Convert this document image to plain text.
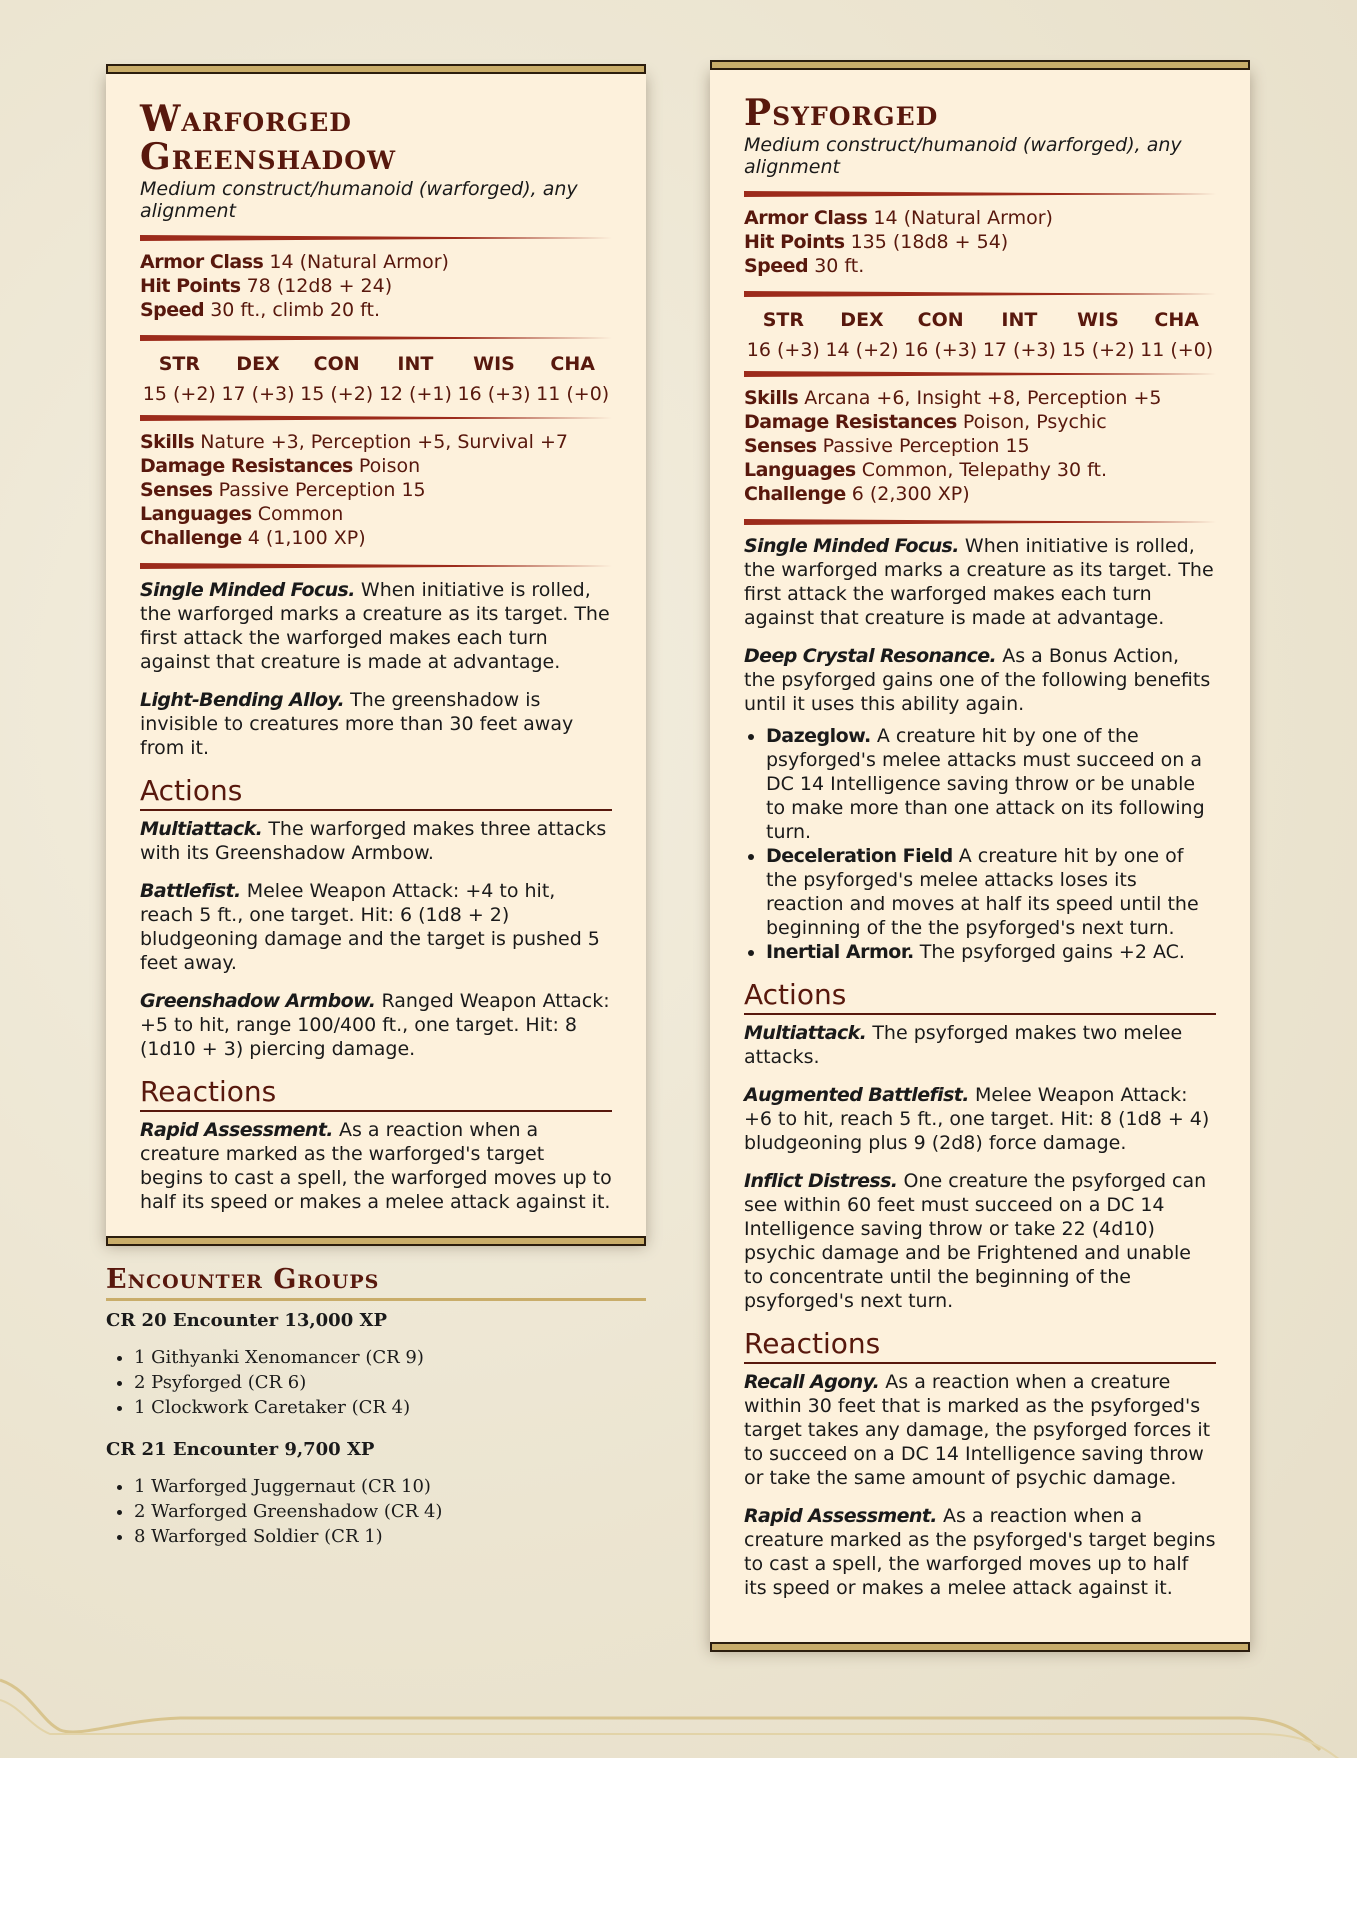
Warforged Greenshadow
Medium construct/humanoid (warforged), any alignment
Armor Class 14 (Natural Armor)
Hit Points 78 (12d8 + 24)
Speed 30 ft., climb 20 ft.
STR
15 (+2)
DEX
17 (+3)
CON
15 (+2)
INT
12 (+1)
WIS
16 (+3)
CHA
11 (+0)
Skills Nature +3, Perception +5, Survival +7
Damage Resistances Poison
Senses Passive Perception 15
Languages Common
Challenge 4 (1,100 XP)

Single Minded Focus. When initiative is rolled, the warforged marks a creature as its target. The first attack the warforged makes each turn against that creature is made at advantage.

Light-Bending Alloy. The greenshadow is invisible to creatures more than 30 feet away from it.

Actions

Multiattack. The warforged makes three attacks with its Greenshadow Armbow.

Battlefist. Melee Weapon Attack: +4 to hit, reach 5 ft., one target. Hit: 6 (1d8 + 2) bludgeoning damage and the target is pushed 5 feet away.

Greenshadow Armbow. Ranged Weapon Attack: +5 to hit, range 100/400 ft., one target. Hit: 8 (1d10 + 3) piercing damage.

Reactions

Rapid Assessment. As a reaction when a creature marked as the warforged's target begins to cast a spell, the warforged moves up to half its speed or makes a melee attack against it.

Encounter Groups
CR 20 Encounter 13,000 XP
• 1 Githyanki Xenomancer (CR 9)
• 2 Psyforged (CR 6)
• 1 Clockwork Caretaker (CR 4)
CR 21 Encounter 9,700 XP
• 1 Warforged Juggernaut (CR 10)
• 2 Warforged Greenshadow (CR 4)
• 8 Warforged Soldier (CR 1)
Psyforged
Medium construct/humanoid (warforged), any alignment
Armor Class 14 (Natural Armor)
Hit Points 135 (18d8 + 54)
Speed 30 ft.
STR
16 (+3)
DEX
14 (+2)
CON
16 (+3)
INT
17 (+3)
WIS
15 (+2)
CHA
11 (+0)
Skills Arcana +6, Insight +8, Perception +5
Damage Resistances Poison, Psychic
Senses Passive Perception 15
Languages Common, Telepathy 30 ft.
Challenge 6 (2,300 XP)

Single Minded Focus. When initiative is rolled, the warforged marks a creature as its target. The first attack the warforged makes each turn against that creature is made at advantage.

Deep Crystal Resonance. As a Bonus Action, the psyforged gains one of the following benefits until it uses this ability again.

• Dazeglow. A creature hit by one of the psyforged's melee attacks must succeed on a DC 14 Intelligence saving throw or be unable to make more than one attack on its following turn.
• Deceleration Field A creature hit by one of the psyforged's melee attacks loses its reaction and moves at half its speed until the beginning of the the psyforged's next turn.
• Inertial Armor. The psyforged gains +2 AC.
Actions

Multiattack. The psyforged makes two melee attacks.

Augmented Battlefist. Melee Weapon Attack: +6 to hit, reach 5 ft., one target. Hit: 8 (1d8 + 4) bludgeoning plus 9 (2d8) force damage.

Inflict Distress. One creature the psyforged can see within 60 feet must succeed on a DC 14 Intelligence saving throw or take 22 (4d10) psychic damage and be Frightened and unable to concentrate until the beginning of the psyforged's next turn.

Reactions

Recall Agony. As a reaction when a creature within 30 feet that is marked as the psyforged's target takes any damage, the psyforged forces it to succeed on a DC 14 Intelligence saving throw or take the same amount of psychic damage.

Rapid Assessment. As a reaction when a creature marked as the psyforged's target begins to cast a spell, the warforged moves up to half its speed or makes a melee attack against it.
